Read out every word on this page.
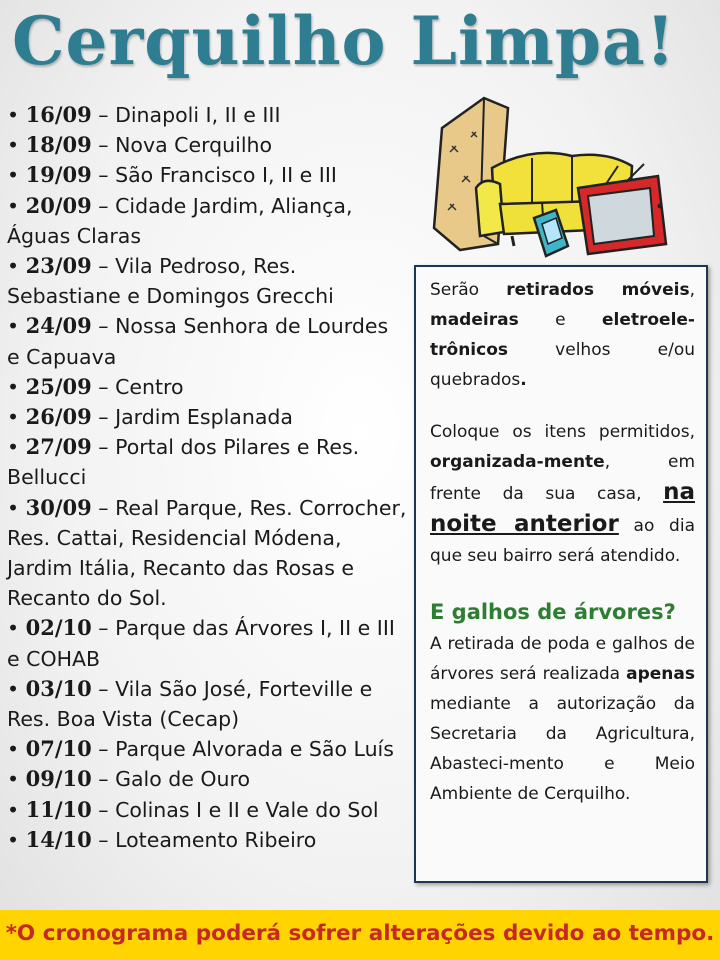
Cerquilho Limpa!
• 16/09 – Dinapoli I, II e III
• 18/09 – Nova Cerquilho
• 19/09 – São Francisco I, II e III
• 20/09 – Cidade Jardim, Aliança, Águas Claras
• 23/09 – Vila Pedroso, Res. Sebastiane e Domingos Grecchi
• 24/09 – Nossa Senhora de Lourdes e Capuava
• 25/09 – Centro
• 26/09 – Jardim Esplanada
• 27/09 – Portal dos Pilares e Res. Bellucci
• 30/09 – Real Parque, Res. Corrocher, Res. Cattai, Residencial Módena, Jardim Itália, Recanto das Rosas e Recanto do Sol.
• 02/10 – Parque das Árvores I, II e III e COHAB
• 03/10 – Vila São José, Forteville e Res. Boa Vista (Cecap)
• 07/10 – Parque Alvorada e São Luís
• 09/10 – Galo de Ouro
• 11/10 – Colinas I e II e Vale do Sol
• 14/10 – Loteamento Ribeiro

Serão retirados móveis, madeiras e eletroele-trônicos velhos e/ou quebrados.

Coloque os itens permitidos, organizada-mente, em frente da sua casa, na noite anterior ao dia que seu bairro será atendido.

E galhos de árvores?

A retirada de poda e galhos de árvores será realizada apenas mediante a autorização da Secretaria da Agricultura, Abasteci-mento e Meio Ambiente de Cerquilho.

*O cronograma poderá sofrer alterações devido ao tempo.
